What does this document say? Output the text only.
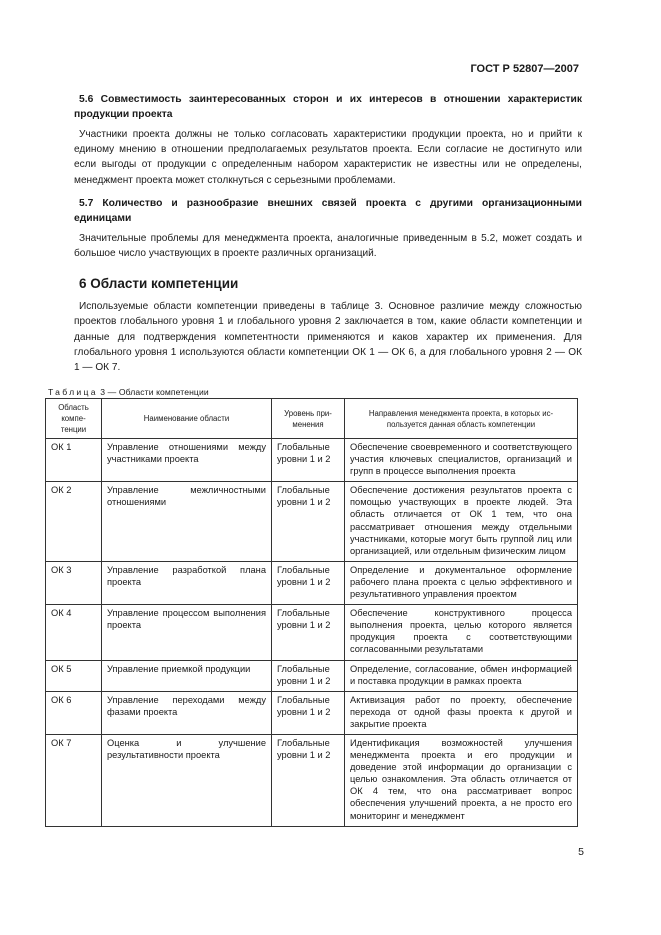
ГОСТ Р 52807—2007

5.6 Совместимость заинтересованных сторон и их интересов в отношении характеристик продукции проекта

Участники проекта должны не только согласовать характеристики продукции проекта, но и прийти к единому мнению в отношении предполагаемых результатов проекта. Если согласие не достигнуто или если выгоды от продукции с определенным набором характеристик не известны или не определены, менеджмент проекта может столкнуться с серьезными проблемами.

5.7 Количество и разнообразие внешних связей проекта с другими организационными единицами

Значительные проблемы для менеджмента проекта, аналогичные приведенным в 5.2, может создать и большое число участвующих в проекте различных организаций.

6 Области компетенции

Используемые области компетенции приведены в таблице 3. Основное различие между сложностью проектов глобального уровня 1 и глобального уровня 2 заключается в том, какие области компетенции и данные для подтверждения компетентности применяются и каков характер их применения. Для глобального уровня 1 используются области компетенции ОК 1 — ОК 6, а для глобального уровня 2 — ОК 1 — ОК 7.

Таблица 3 — Области компетенции
Область компе-тенции	Наименование области	Уровень при-менения	Направления менеджмента проекта, в которых ис-пользуется данная область компетенции
ОК 1	Управление отношениями между участниками проекта	Глобальные уровни 1 и 2	Обеспечение своевременного и соответствующего участия ключевых специалистов, организаций и групп в процессе выполнения проекта
ОК 2	Управление межличностными отношениями	Глобальные уровни 1 и 2	Обеспечение достижения результатов проекта с помощью участвующих в проекте людей. Эта область отличается от ОК 1 тем, что она рассматривает отношения между отдельными участниками, которые могут быть группой лиц или организацией, или отдельным физическим лицом
ОК 3	Управление разработкой плана проекта	Глобальные уровни 1 и 2	Определение и документальное оформление рабочего плана проекта с целью эффективного и результативного управления проектом
ОК 4	Управление процессом выполнения проекта	Глобальные уровни 1 и 2	Обеспечение конструктивного процесса выполнения проекта, целью которого является продукция проекта с соответствующими согласованными результатами
ОК 5	Управление приемкой продукции	Глобальные уровни 1 и 2	Определение, согласование, обмен информацией и поставка продукции в рамках проекта
ОК 6	Управление переходами между фазами проекта	Глобальные уровни 1 и 2	Активизация работ по проекту, обеспечение перехода от одной фазы проекта к другой и закрытие проекта
ОК 7	Оценка и улучшение результативности проекта	Глобальные уровни 1 и 2	Идентификация возможностей улучшения менеджмента проекта и его продукции и доведение этой информации до организации с целью ознакомления. Эта область отличается от ОК 4 тем, что она рассматривает вопрос обеспечения улучшений проекта, а не просто его мониторинг и менеджмент
5
